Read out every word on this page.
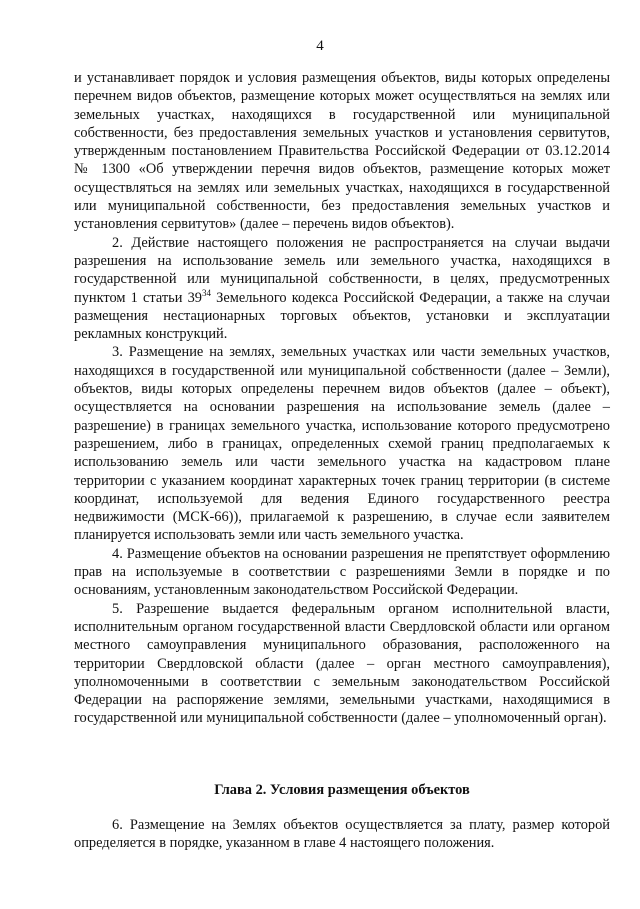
4

и устанавливает порядок и условия размещения объектов, виды которых определены перечнем видов объектов, размещение которых может осуществляться на землях или земельных участках, находящихся в государственной или муниципальной собственности, без предоставления земельных участков и установления сервитутов, утвержденным постановлением Правительства Российской Федерации от 03.12.2014 № 1300 «Об утверждении перечня видов объектов, размещение которых может осуществляться на землях или земельных участках, находящихся в государственной или муниципальной собственности, без предоставления земельных участков и установления сервитутов» (далее – перечень видов объектов).

2. Действие настоящего положения не распространяется на случаи выдачи разрешения на использование земель или земельного участка, находящихся в государственной или муниципальной собственности, в целях, предусмотренных пунктом 1 статьи $39^{34}$ Земельного кодекса Российской Федерации, а также на случаи размещения нестационарных торговых объектов, установки и эксплуатации рекламных конструкций.

3. Размещение на землях, земельных участках или части земельных участков, находящихся в государственной или муниципальной собственности (далее – Земли), объектов, виды которых определены перечнем видов объектов (далее – объект), осуществляется на основании разрешения на использование земель (далее – разрешение) в границах земельного участка, использование которого предусмотрено разрешением, либо в границах, определенных схемой границ предполагаемых к использованию земель или части земельного участка на кадастровом плане территории с указанием координат характерных точек границ территории (в системе координат, используемой для ведения Единого государственного реестра недвижимости (МСК-66)), прилагаемой к разрешению, в случае если заявителем планируется использовать земли или часть земельного участка.

4. Размещение объектов на основании разрешения не препятствует оформлению прав на используемые в соответствии с разрешениями Земли в порядке и по основаниям, установленным законодательством Российской Федерации.

5. Разрешение выдается федеральным органом исполнительной власти, исполнительным органом государственной власти Свердловской области или органом местного самоуправления муниципального образования, расположенного на территории Свердловской области (далее – орган местного самоуправления), уполномоченными в соответствии с земельным законодательством Российской Федерации на распоряжение землями, земельными участками, находящимися в государственной или муниципальной собственности (далее – уполномоченный орган).

Глава 2. Условия размещения объектов

6. Размещение на Землях объектов осуществляется за плату, размер которой определяется в порядке, указанном в главе 4 настоящего положения.
